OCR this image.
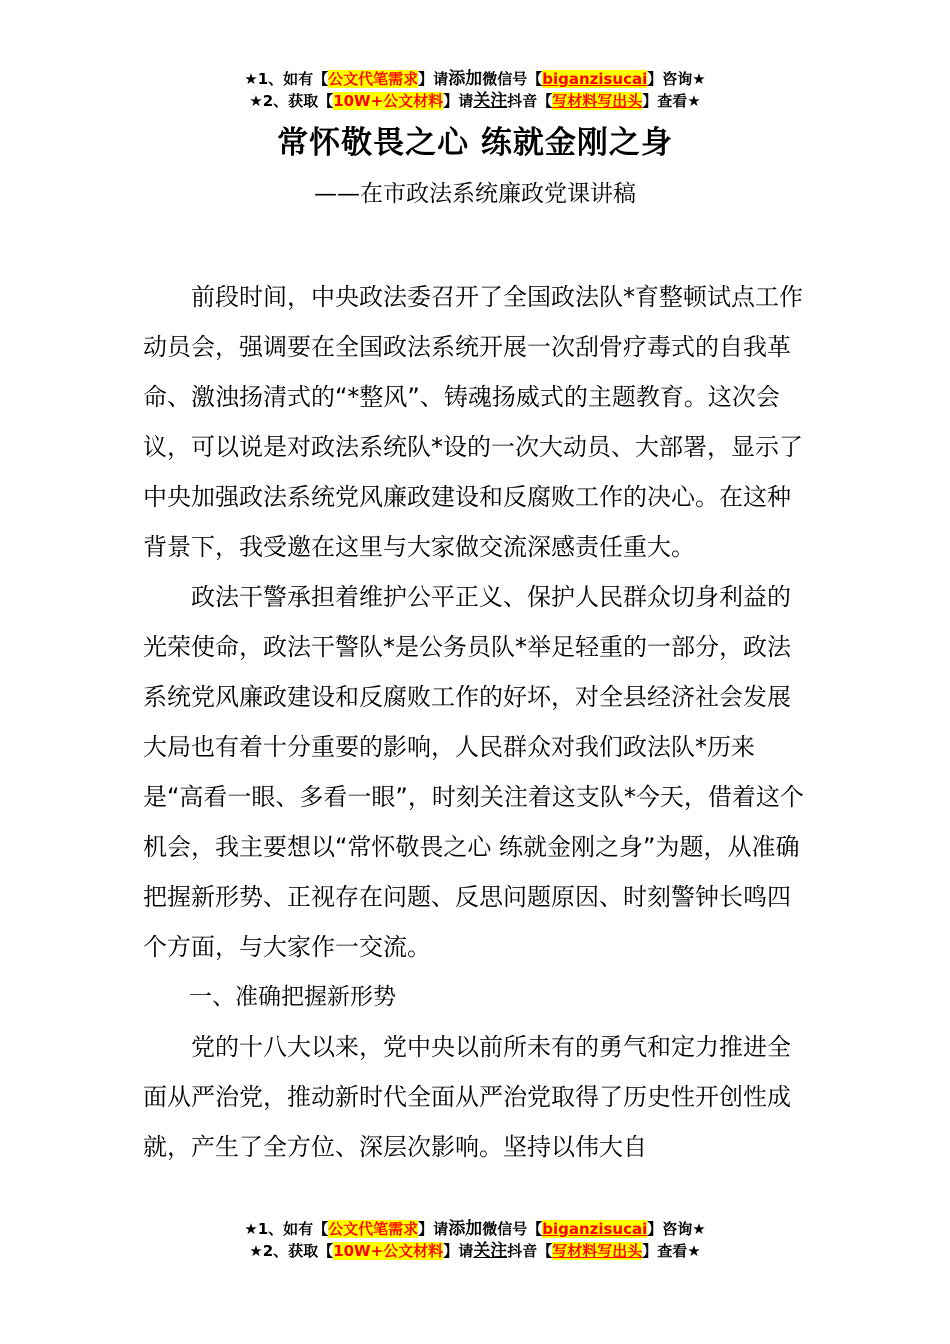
★1、如有【公文代笔需求】请添加微信号【biganzisucai】咨询★
★2、获取【10W+公文材料】请关注抖音【写材料写出头】查看★
常怀敬畏之心 练就金刚之身
——在市政法系统廉政党课讲稿

前段时间，中央政法委召开了全国政法队*育整顿试点工作动员会，强调要在全国政法系统开展一次刮骨疗毒式的自我革命、激浊扬清式的“*整风”、铸魂扬威式的主题教育。这次会议，可以说是对政法系统队*设的一次大动员、大部署，显示了中央加强政法系统党风廉政建设和反腐败工作的决心。在这种背景下，我受邀在这里与大家做交流深感责任重大。

政法干警承担着维护公平正义、保护人民群众切身利益的光荣使命，政法干警队*是公务员队*举足轻重的一部分，政法系统党风廉政建设和反腐败工作的好坏，对全县经济社会发展大局也有着十分重要的影响，人民群众对我们政法队*历来是“高看一眼、多看一眼”，时刻关注着这支队*今天，借着这个机会，我主要想以“常怀敬畏之心 练就金刚之身”为题，从准确把握新形势、正视存在问题、反思问题原因、时刻警钟长鸣四个方面，与大家作一交流。

一、准确把握新形势

党的十八大以来，党中央以前所未有的勇气和定力推进全面从严治党，推动新时代全面从严治党取得了历史性开创性成就，产生了全方位、深层次影响。坚持以伟大自

★1、如有【公文代笔需求】请添加微信号【biganzisucai】咨询★
★2、获取【10W+公文材料】请关注抖音【写材料写出头】查看★
